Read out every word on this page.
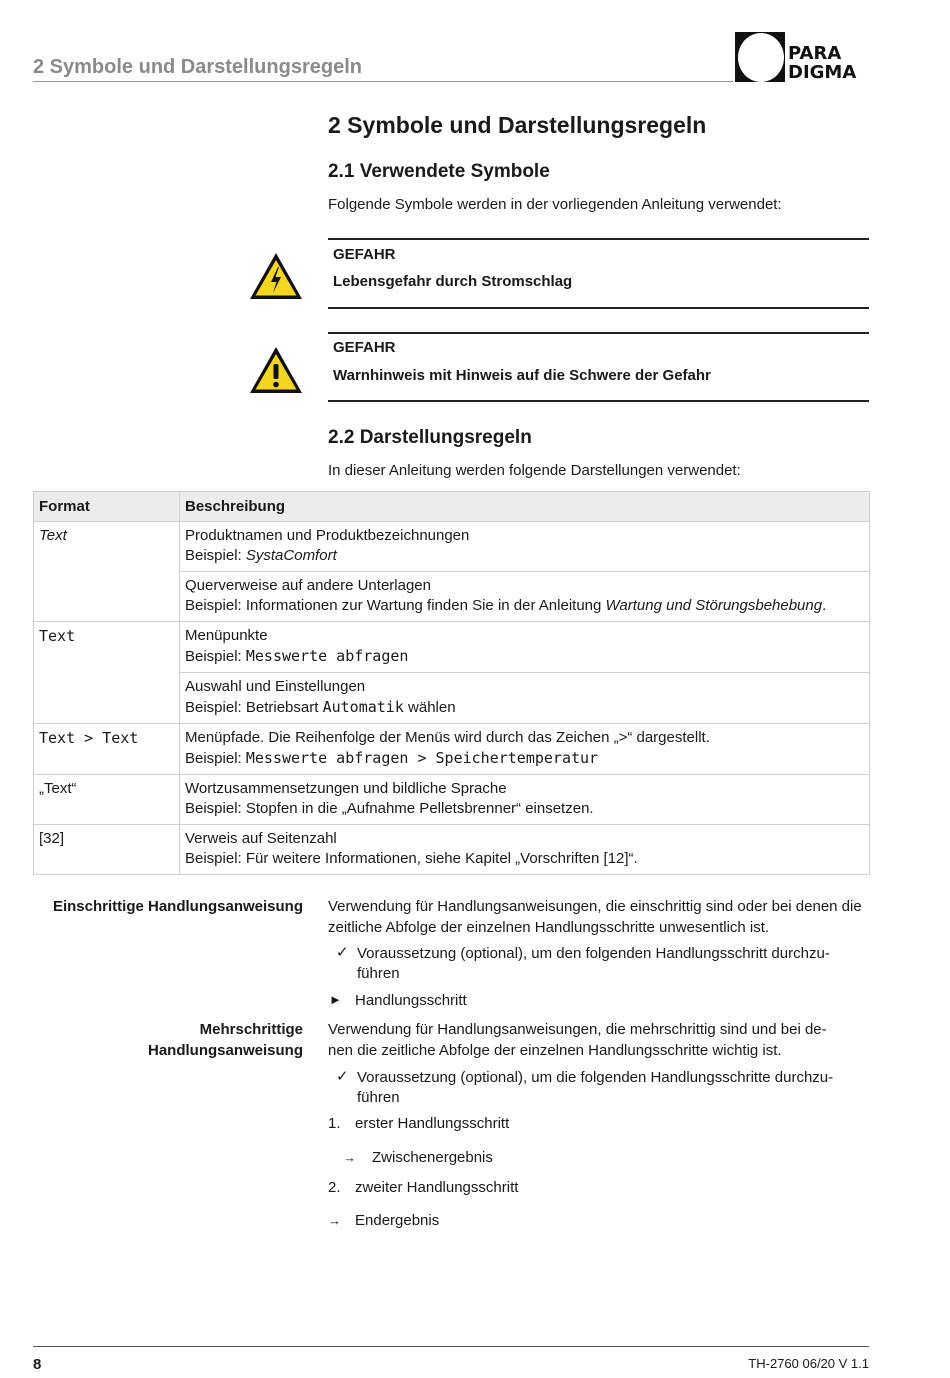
2 Symbole und Darstellungsregeln
PARA
DIGMA
2 Symbole und Darstellungsregeln
2.1 Verwendete Symbole
Folgende Symbole werden in der vorliegenden Anleitung verwendet:
GEFAHR
Lebensgefahr durch Stromschlag
GEFAHR
Warnhinweis mit Hinweis auf die Schwere der Gefahr
2.2 Darstellungsregeln
In dieser Anleitung werden folgende Darstellungen verwendet:
Format	Beschreibung
Text	Produktnamen und Produktbezeichnungen
Beispiel: SystaComfort
	Querverweise auf andere Unterlagen
Beispiel: Informationen zur Wartung finden Sie in der Anleitung Wartung und Störungsbehebung.
Text	Menüpunkte
Beispiel: Messwerte abfragen
	Auswahl und Einstellungen
Beispiel: Betriebsart Automatik wählen
Text > Text	Menüpfade. Die Reihenfolge der Menüs wird durch das Zeichen „>“ dargestellt.
Beispiel: Messwerte abfragen > Speichertemperatur
„Text“	Wortzusammensetzungen und bildliche Sprache
Beispiel: Stopfen in die „Aufnahme Pelletsbrenner“ einsetzen.
[32]	Verweis auf Seitenzahl
Beispiel: Für weitere Informationen, siehe Kapitel „Vorschriften [12]“.
Einschrittige Handlungsanweisung Verwendung für Handlungsanweisungen, die einschrittig sind oder bei denen die zeitliche Abfolge der einzelnen Handlungsschritte unwesentlich ist.
✓ Voraussetzung (optional), um den folgenden Handlungsschritt durchzu-
führen
► Handlungsschritt
Mehrschrittige
Handlungsanweisung
Verwendung für Handlungsanweisungen, die mehrschrittig sind und bei de-
nen die zeitliche Abfolge der einzelnen Handlungsschritte wichtig ist.
✓ Voraussetzung (optional), um die folgenden Handlungsschritte durchzu-
führen
1. erster Handlungsschritt
→ Zwischenergebnis
2. zweiter Handlungsschritt
→ Endergebnis
8	TH-2760 06/20 V 1.1
